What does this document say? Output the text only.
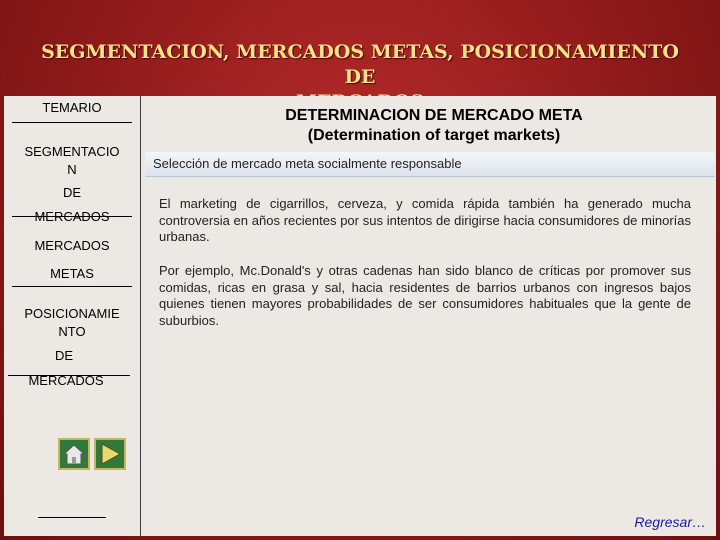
SEGMENTACION, MERCADOS METAS, POSICIONAMIENTO DE
TEMARIO
SEGMENTACIO
N
DE
MERCADOS
MERCADOS
METAS
POSICIONAMIE
NTO
DE
MERCADOS
DETERMINACION DE MERCADO META
(Determination of target markets)
Selección de mercado meta socialmente responsable
El marketing de cigarrillos, cerveza, y comida rápida también ha generado mucha controversia en años recientes por sus intentos de dirigirse hacia consumidores de minorías urbanas.
Por ejemplo, Mc.Donald's y otras cadenas han sido blanco de críticas por promover sus comidas, ricas en grasa y sal, hacia residentes de barrios urbanos con ingresos bajos quienes tienen mayores probabilidades de ser consumidores habituales que la gente de suburbios.
Regresar…
